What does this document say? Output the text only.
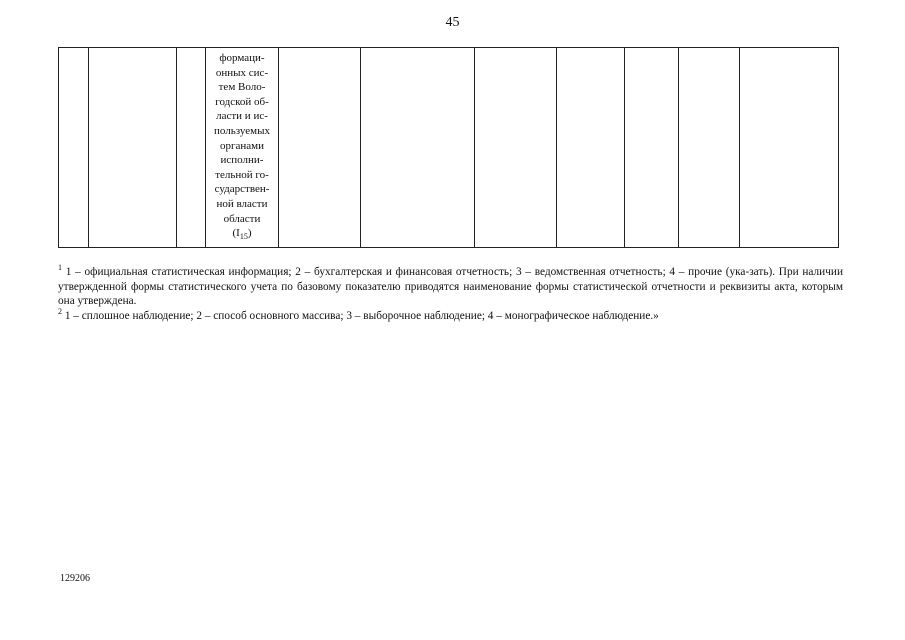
45

формаци-
онных сис-
тем Воло-
годской об-
ласти и ис-
пользуемых
органами
исполни-
тельной го-
сударствен-
ной власти
области
$(I_{15})$

$^1$ 1 – официальная статистическая информация; 2 – бухгалтерская и финансовая отчетность; 3 – ведомственная отчетность; 4 – прочие (ука-зать). При наличии утвержденной формы статистического учета по базовому показателю приводятся наименование формы статистической отчетности и реквизиты акта, которым она утверждена.

$^2$ 1 – сплошное наблюдение; 2 – способ основного массива; 3 – выборочное наблюдение; 4 – монографическое наблюдение.»

129206
